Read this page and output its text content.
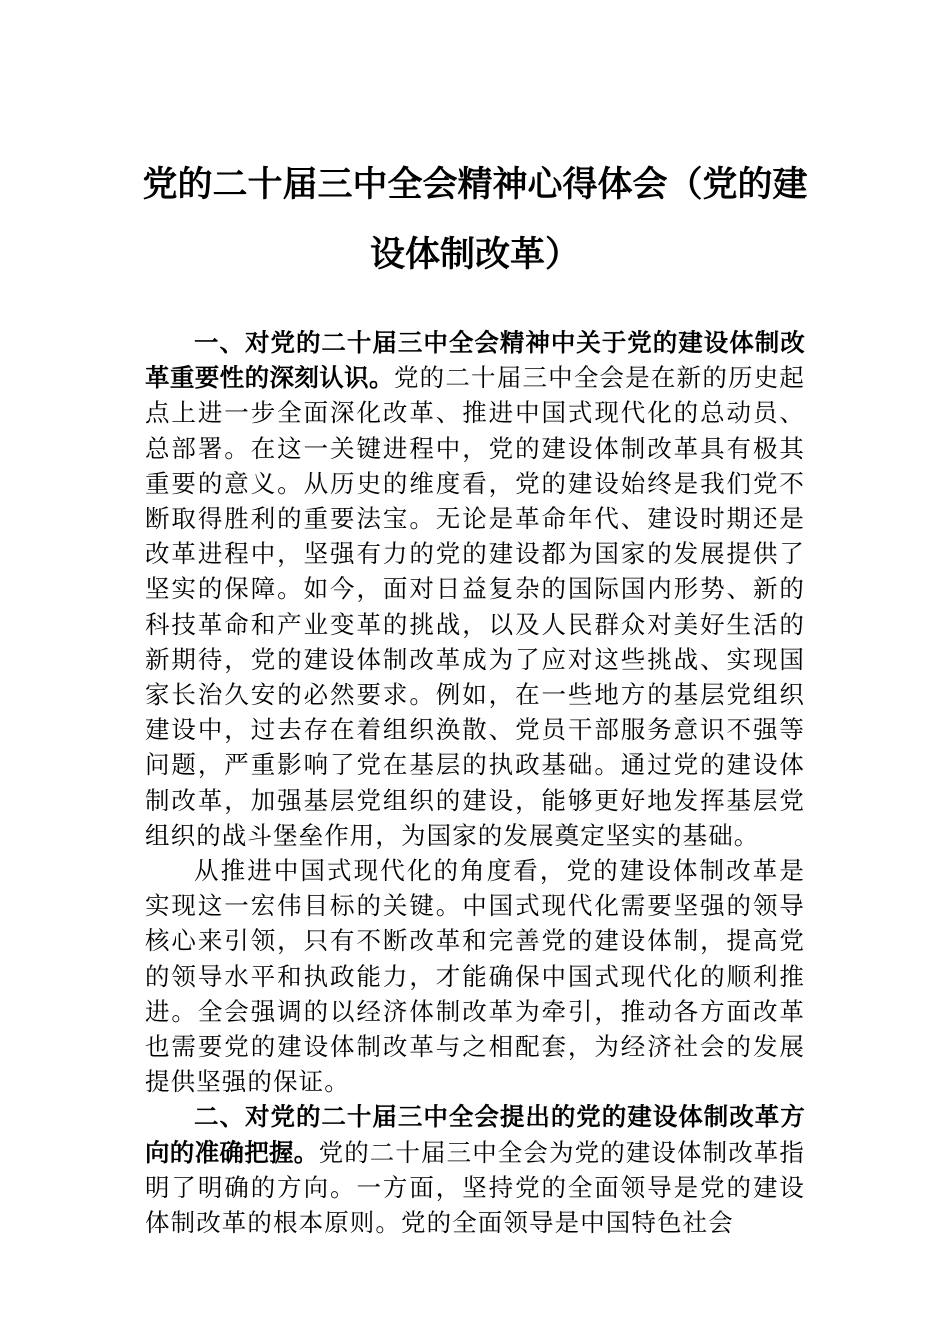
党的二十届三中全会精神心得体会（党的建设体制改革）

一、对党的二十届三中全会精神中关于党的建设体制改革重要性的深刻认识。党的二十届三中全会是在新的历史起点上进一步全面深化改革、推进中国式现代化的总动员、总部署。在这一关键进程中，党的建设体制改革具有极其重要的意义。从历史的维度看，党的建设始终是我们党不断取得胜利的重要法宝。无论是革命年代、建设时期还是改革进程中，坚强有力的党的建设都为国家的发展提供了坚实的保障。如今，面对日益复杂的国际国内形势、新的科技革命和产业变革的挑战，以及人民群众对美好生活的新期待，党的建设体制改革成为了应对这些挑战、实现国家长治久安的必然要求。例如，在一些地方的基层党组织建设中，过去存在着组织涣散、党员干部服务意识不强等问题，严重影响了党在基层的执政基础。通过党的建设体制改革，加强基层党组织的建设，能够更好地发挥基层党组织的战斗堡垒作用，为国家的发展奠定坚实的基础。

从推进中国式现代化的角度看，党的建设体制改革是实现这一宏伟目标的关键。中国式现代化需要坚强的领导核心来引领，只有不断改革和完善党的建设体制，提高党的领导水平和执政能力，才能确保中国式现代化的顺利推进。全会强调的以经济体制改革为牵引，推动各方面改革也需要党的建设体制改革与之相配套，为经济社会的发展提供坚强的保证。

二、对党的二十届三中全会提出的党的建设体制改革方向的准确把握。党的二十届三中全会为党的建设体制改革指明了明确的方向。一方面，坚持党的全面领导是党的建设体制改革的根本原则。党的全面领导是中国特色社会
